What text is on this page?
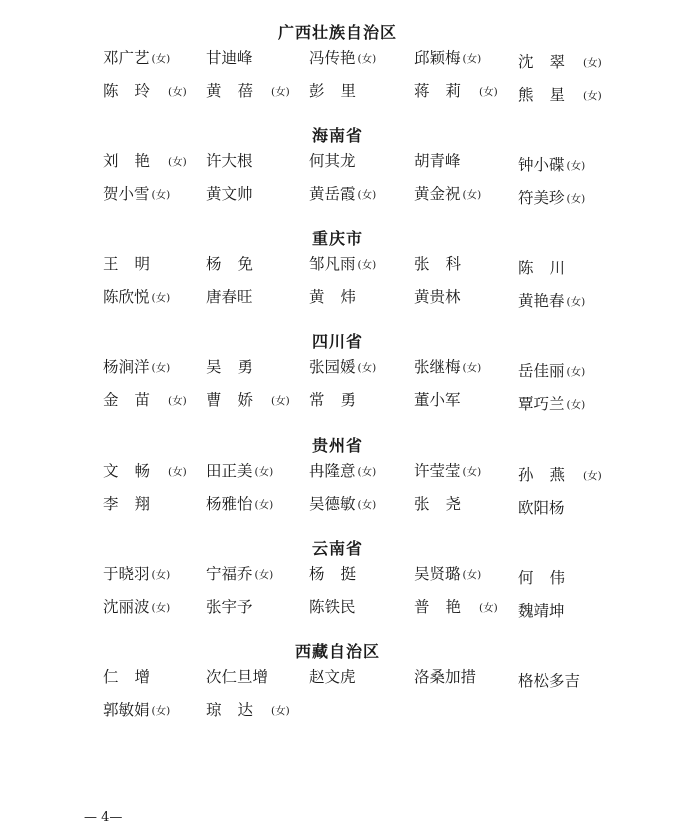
广西壮族自治区
邓广艺 (女) 甘迪峰	冯传艳 (女) 邱颖梅 (女) 沈翠 (女)
陈玲 (女) 黄蓓 (女) 彭里	蒋莉 (女) 熊星 (女)
海南省
刘艳 (女) 许大根	何其龙	胡青峰	钟小碟 (女)
贺小雪 (女) 黄文帅	黄岳霞 (女) 黄金祝 (女) 符美珍 (女)
重庆市
王明	杨免	邹凡雨 (女) 张科	陈川
陈欣悦 (女) 唐春旺	黄炜	黄贵林	黄艳春 (女)
四川省
杨涧洋 (女) 吴勇	张园媛 (女) 张继梅 (女) 岳佳丽 (女)
金苗 (女) 曹娇 (女) 常勇	董小军	覃巧兰 (女)
贵州省
文畅 (女) 田正美 (女) 冉隆意 (女) 许莹莹 (女) 孙燕 (女)
李翔	杨雅怡 (女) 吴德敏 (女) 张尧	欧阳杨
云南省
于晓羽 (女) 宁福乔 (女) 杨挺	吴贤璐 (女) 何伟
沈丽波 (女) 张宇予	陈铁民	普艳 (女) 魏靖坤
西藏自治区
仁增	次仁旦增	赵文虎	洛桑加措	格松多吉
郭敏娟 (女) 琼达 (女)
— 4—
